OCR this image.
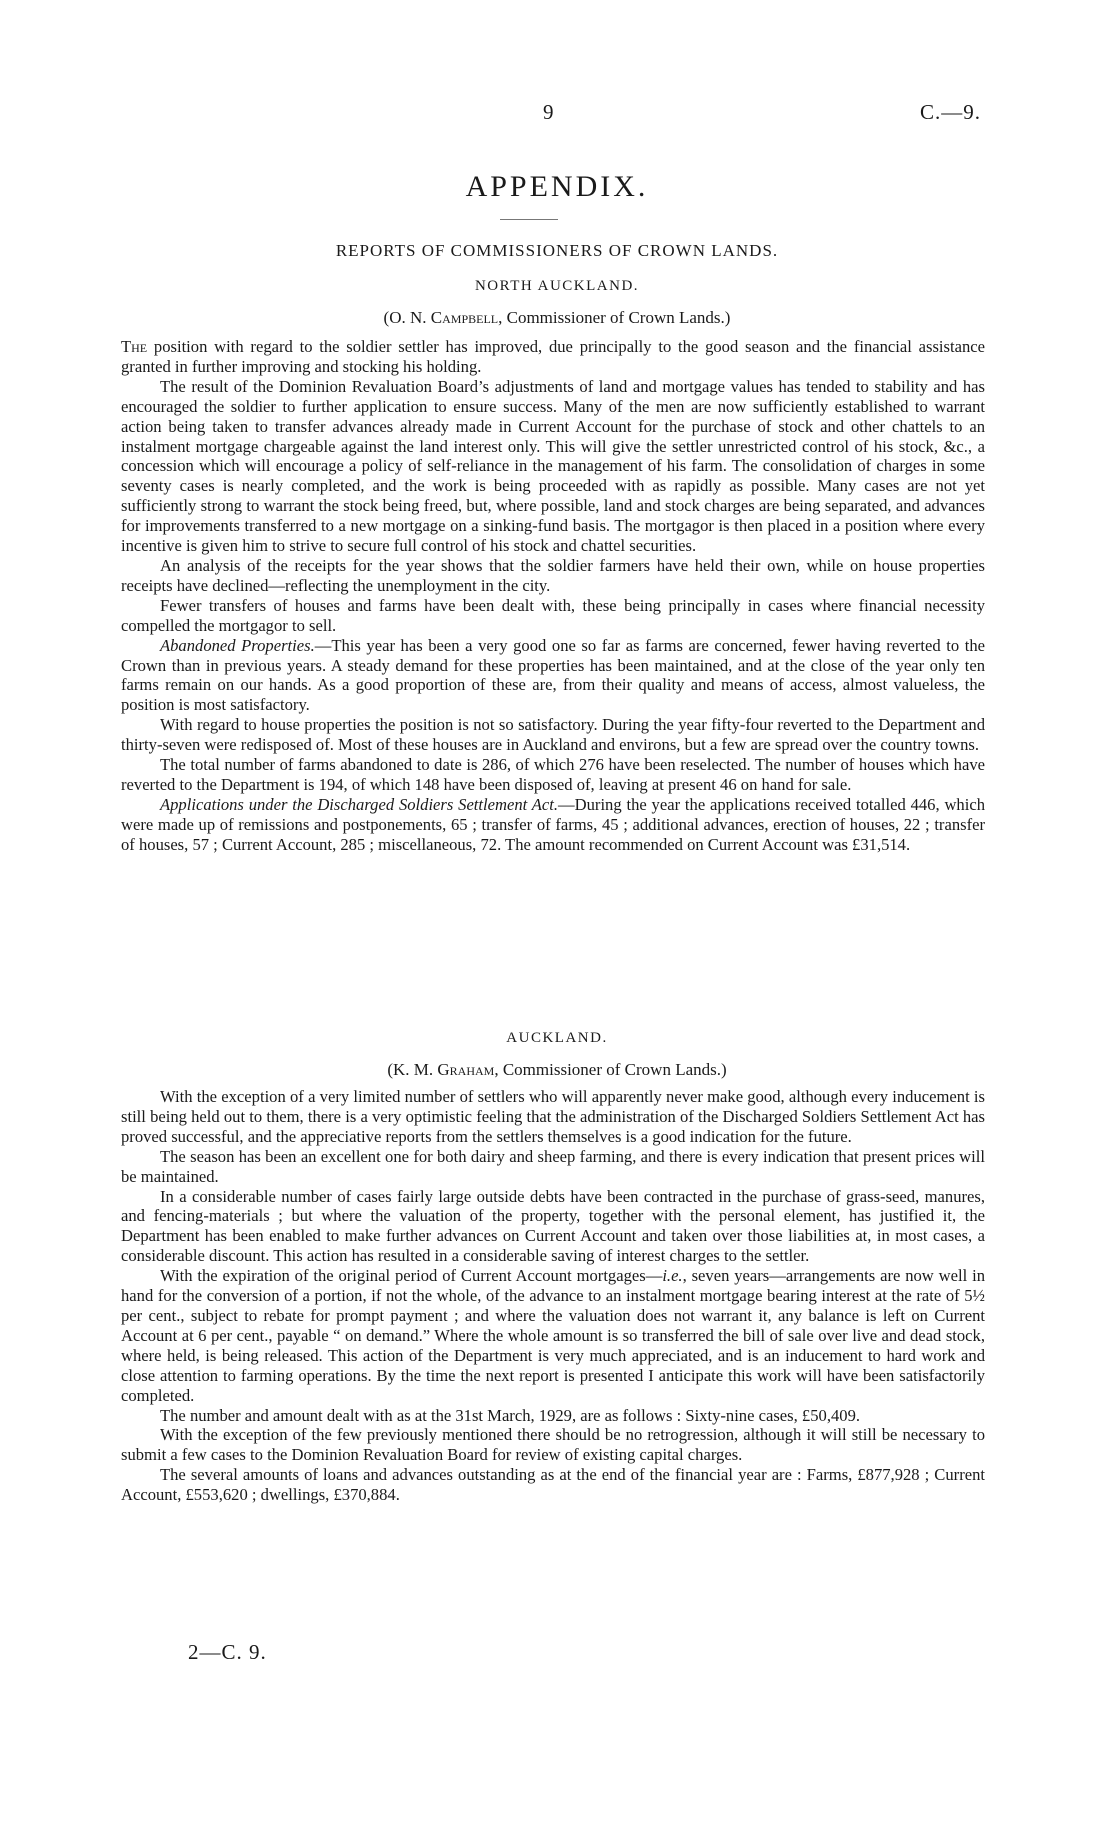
9	C.—9.
APPENDIX.
REPORTS OF COMMISSIONERS OF CROWN LANDS.
NORTH AUCKLAND.
(O. N. Campbell, Commissioner of Crown Lands.)

The position with regard to the soldier settler has improved, due principally to the good season and the financial assistance granted in further improving and stocking his holding.

The result of the Dominion Revaluation Board’s adjustments of land and mortgage values has tended to stability and has encouraged the soldier to further application to ensure success. Many of the men are now sufficiently established to warrant action being taken to transfer advances already made in Current Account for the purchase of stock and other chattels to an instalment mortgage chargeable against the land interest only. This will give the settler unrestricted control of his stock, &c., a concession which will encourage a policy of self-reliance in the management of his farm. The consolidation of charges in some seventy cases is nearly completed, and the work is being proceeded with as rapidly as possible. Many cases are not yet sufficiently strong to warrant the stock being freed, but, where possible, land and stock charges are being separated, and advances for improvements transferred to a new mortgage on a sinking-fund basis. The mortgagor is then placed in a position where every incentive is given him to strive to secure full control of his stock and chattel securities.

An analysis of the receipts for the year shows that the soldier farmers have held their own, while on house properties receipts have declined—reflecting the unemployment in the city.

Fewer transfers of houses and farms have been dealt with, these being principally in cases where financial necessity compelled the mortgagor to sell.

Abandoned Properties.—This year has been a very good one so far as farms are concerned, fewer having reverted to the Crown than in previous years. A steady demand for these properties has been maintained, and at the close of the year only ten farms remain on our hands. As a good proportion of these are, from their quality and means of access, almost valueless, the position is most satisfactory.

With regard to house properties the position is not so satisfactory. During the year fifty-four reverted to the Department and thirty-seven were redisposed of. Most of these houses are in Auckland and environs, but a few are spread over the country towns.

The total number of farms abandoned to date is 286, of which 276 have been reselected. The number of houses which have reverted to the Department is 194, of which 148 have been disposed of, leaving at present 46 on hand for sale.

Applications under the Discharged Soldiers Settlement Act.—During the year the applications received totalled 446, which were made up of remissions and postponements, 65 ; transfer of farms, 45 ; additional advances, erection of houses, 22 ; transfer of houses, 57 ; Current Account, 285 ; miscellaneous, 72. The amount recommended on Current Account was £31,514.

AUCKLAND.
(K. M. Graham, Commissioner of Crown Lands.)

With the exception of a very limited number of settlers who will apparently never make good, although every inducement is still being held out to them, there is a very optimistic feeling that the administration of the Discharged Soldiers Settlement Act has proved successful, and the appreciative reports from the settlers themselves is a good indication for the future.

The season has been an excellent one for both dairy and sheep farming, and there is every indication that present prices will be maintained.

In a considerable number of cases fairly large outside debts have been contracted in the purchase of grass-seed, manures, and fencing-materials ; but where the valuation of the property, together with the personal element, has justified it, the Department has been enabled to make further advances on Current Account and taken over those liabilities at, in most cases, a considerable discount. This action has resulted in a considerable saving of interest charges to the settler.

With the expiration of the original period of Current Account mortgages—i.e., seven years—arrangements are now well in hand for the conversion of a portion, if not the whole, of the advance to an instalment mortgage bearing interest at the rate of 5½ per cent., subject to rebate for prompt payment ; and where the valuation does not warrant it, any balance is left on Current Account at 6 per cent., payable “ on demand.” Where the whole amount is so transferred the bill of sale over live and dead stock, where held, is being released. This action of the Department is very much appreciated, and is an inducement to hard work and close attention to farming operations. By the time the next report is presented I anticipate this work will have been satisfactorily completed.

The number and amount dealt with as at the 31st March, 1929, are as follows : Sixty-nine cases, £50,409.

With the exception of the few previously mentioned there should be no retrogression, although it will still be necessary to submit a few cases to the Dominion Revaluation Board for review of existing capital charges.

The several amounts of loans and advances outstanding as at the end of the financial year are : Farms, £877,928 ; Current Account, £553,620 ; dwellings, £370,884.

2—C. 9.
